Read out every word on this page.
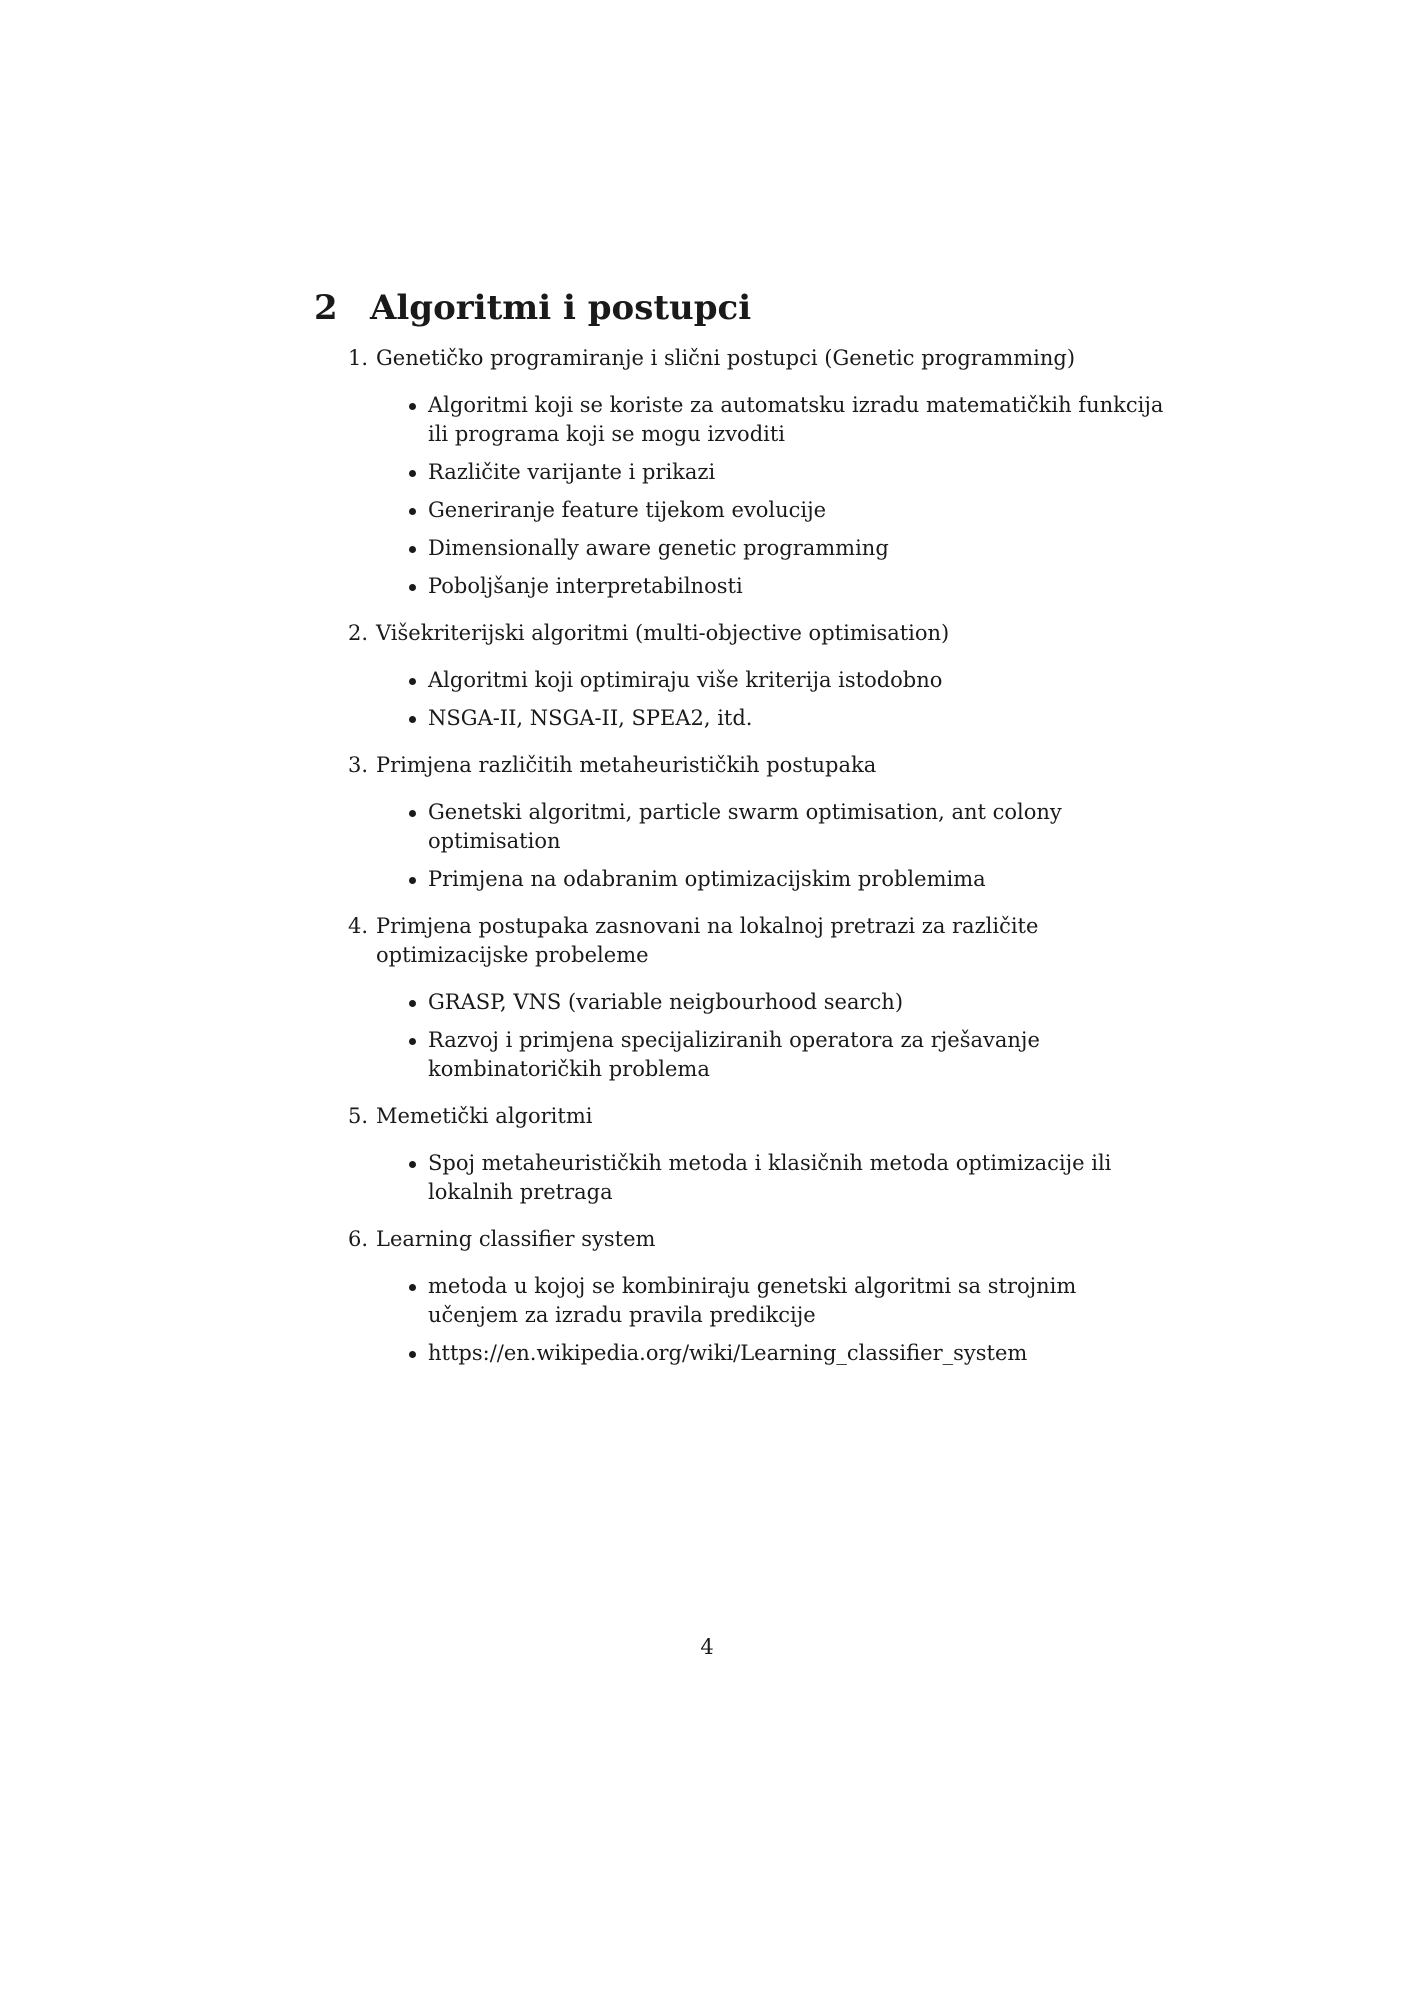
2 Algoritmi i postupci
1. Genetičko programiranje i slični postupci (Genetic programming)
Algoritmi koji se koriste za automatsku izradu matematičkih funkcija ili programa koji se mogu izvoditi
Različite varijante i prikazi
Generiranje feature tijekom evolucije
Dimensionally aware genetic programming
Poboljšanje interpretabilnosti
2. Višekriterijski algoritmi (multi-objective optimisation)
Algoritmi koji optimiraju više kriterija istodobno
NSGA-II, NSGA-II, SPEA2, itd.
3. Primjena različitih metaheurističkih postupaka
Genetski algoritmi, particle swarm optimisation, ant colony optimisation
Primjena na odabranim optimizacijskim problemima
4. Primjena postupaka zasnovani na lokalnoj pretrazi za različite optimizacijske probeleme
GRASP, VNS (variable neigbourhood search)
Razvoj i primjena specijaliziranih operatora za rješavanje kombinatoričkih problema
5. Memetički algoritmi
Spoj metaheurističkih metoda i klasičnih metoda optimizacije ili lokalnih pretraga
6. Learning classifier system
metoda u kojoj se kombiniraju genetski algoritmi sa strojnim učenjem za izradu pravila predikcije
https://en.wikipedia.org/wiki/Learning_classifier_system
4
